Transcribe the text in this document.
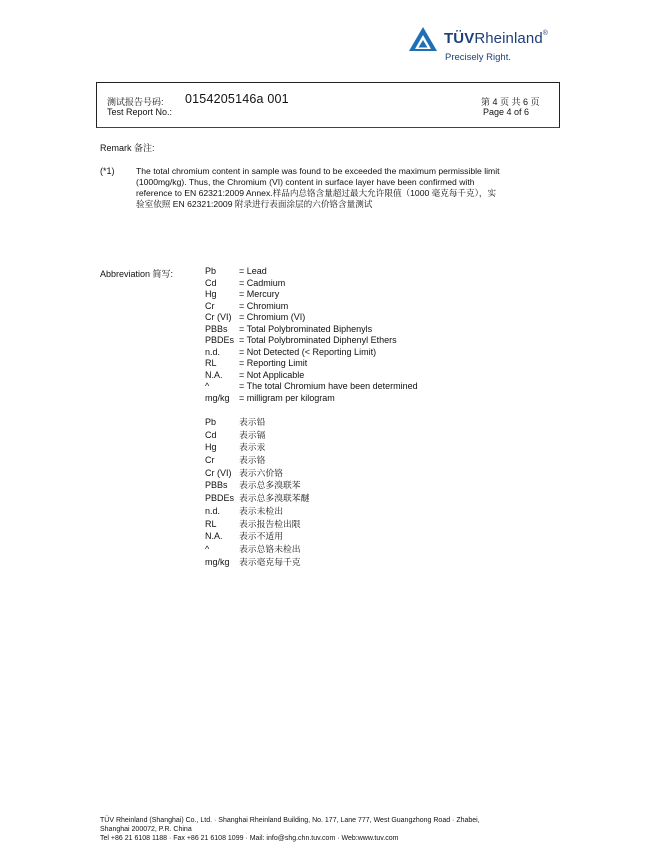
TÜVRheinland®
Precisely Right.
测试报告号码:
Test Report No.:
0154205146a 001	第 4 页 共 6 页
Page 4 of 6
Remark 备注:
(*1) The total chromium content in sample was found to be exceeded the maximum permissible limit
(1000mg/kg). Thus, the Chromium (VI) content in surface layer have been confirmed with
reference to EN 62321:2009 Annex.样品内总铬含量超过最大允许限值（1000 毫克每千克），实
验室依照 EN 62321:2009 附录进行表面涂层的六价铬含量测试
Abbreviation 简写:	Pb	= Lead
Cd = Cadmium
Hg = Mercury
Cr	= Chromium
Cr (VI) = Chromium (VI)
PBBs = Total Polybrominated Biphenyls
PBDEs = Total Polybrominated Diphenyl Ethers
n.d. = Not Detected (< Reporting Limit)
RL = Reporting Limit
N.A. = Not Applicable
^	= The total Chromium have been determined
mg/kg = milligram per kilogram
Pb	表示铅
Cd	表示镉
Hg	表示汞
Cr	表示铬
Cr (VI) 表示六价铬
PBBs 表示总多溴联苯
PBDEs 表示总多溴联苯醚
n.d. 表示未检出
RL	表示报告检出限
N.A. 表示不适用
^	表示总铬未检出
mg/kg 表示毫克每千克
TÜV Rheinland (Shanghai) Co., Ltd. · Shanghai Rheinland Building, No. 177, Lane 777, West Guangzhong Road · Zhabei,
Shanghai 200072, P.R. China
Tel +86 21 6108 1188 · Fax +86 21 6108 1099 · Mail: info@shg.chn.tuv.com · Web:www.tuv.com
